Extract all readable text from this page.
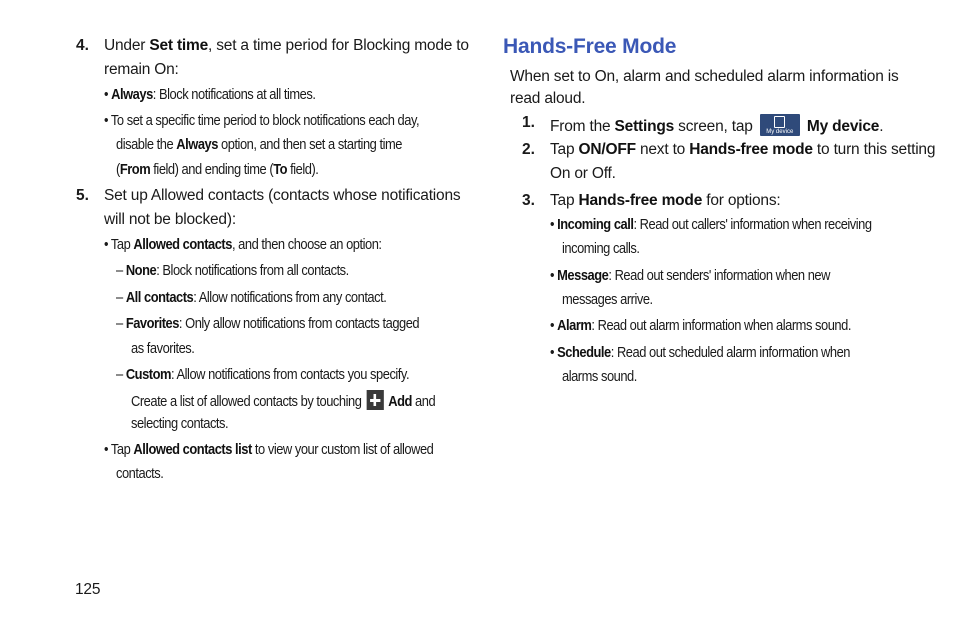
4. Under Set time, set a time period for Blocking mode to
remain On:
• Always: Block notifications at all times.
• To set a specific time period to block notifications each day,
disable the Always option, and then set a starting time
(From field) and ending time (To field).
5. Set up Allowed contacts (contacts whose notifications
will not be blocked):
• Tap Allowed contacts, and then choose an option:
– None: Block notifications from all contacts.
– All contacts: Allow notifications from any contact.
– Favorites: Only allow notifications from contacts tagged
as favorites.
– Custom: Allow notifications from contacts you specify.
Create a list of allowed contacts by touching Add and
selecting contacts.
• Tap Allowed contacts list to view your custom list of allowed
contacts.
125
Hands-Free Mode
When set to On, alarm and scheduled alarm information is
read aloud.
1. From the Settings screen, tap	My device My device.
2. Tap ON/OFF next to Hands-free mode to turn this setting
On or Off.
3. Tap Hands-free mode for options:
• Incoming call: Read out callers' information when receiving
incoming calls.
• Message: Read out senders' information when new
messages arrive.
• Alarm: Read out alarm information when alarms sound.
• Schedule: Read out scheduled alarm information when
alarms sound.
